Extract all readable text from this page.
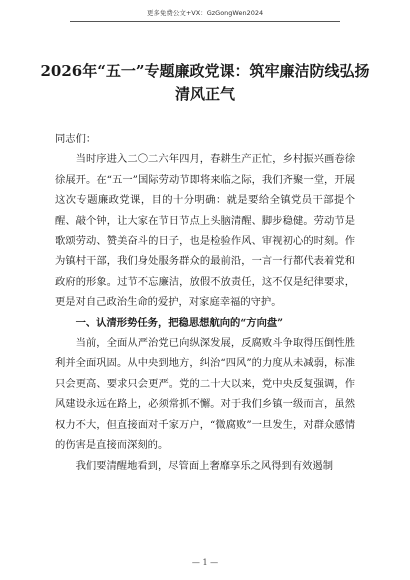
更多免费公文+VX：GzGongWen2024
2026年“五一”专题廉政党课：筑牢廉洁防线弘扬清风正气

同志们：

当时序进入二〇二六年四月，春耕生产正忙，乡村振兴画卷徐徐展开。在“五一”国际劳动节即将来临之际，我们齐聚一堂，开展这次专题廉政党课，目的十分明确：就是要给全镇党员干部提个醒、敲个钟，让大家在节日节点上头脑清醒、脚步稳健。劳动节是歌颂劳动、赞美奋斗的日子，也是检验作风、审视初心的时刻。作为镇村干部，我们身处服务群众的最前沿，一言一行都代表着党和政府的形象。过节不忘廉洁，放假不放责任，这不仅是纪律要求，更是对自己政治生命的爱护，对家庭幸福的守护。

一、认清形势任务，把稳思想航向的“方向盘”

当前，全面从严治党已向纵深发展，反腐败斗争取得压倒性胜利并全面巩固。从中央到地方，纠治“四风”的力度从未减弱，标准只会更高、要求只会更严。党的二十大以来，党中央反复强调，作风建设永远在路上，必须常抓不懈。对于我们乡镇一级而言，虽然权力不大，但直接面对千家万户，“微腐败”一旦发生，对群众感情的伤害是直接而深刻的。

我们要清醒地看到，尽管面上奢靡享乐之风得到有效遏制

— 1 —
